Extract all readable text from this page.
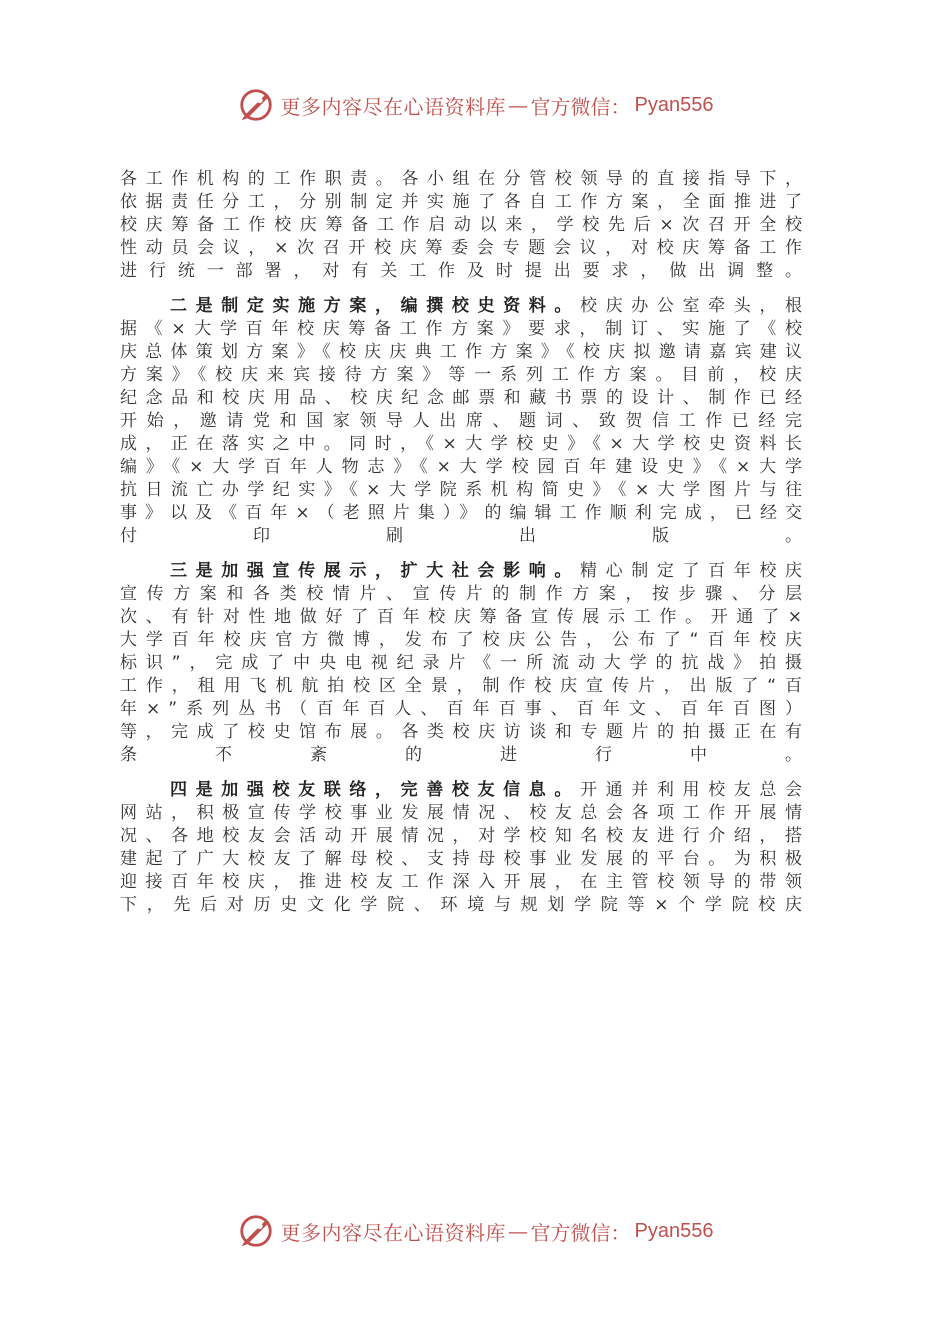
更多内容尽在心语资料库 — 官方微信： Pyan556

各工作机构的工作职责。各小组在分管校领导的直接指导下，依据责任分工，分别制定并实施了各自工作方案，全面推进了校庆筹备工作校庆筹备工作启动以来，学校先后×次召开全校性动员会议，×次召开校庆筹委会专题会议，对校庆筹备工作进行统一部署，对有关工作及时提出要求，做出调整。

二是制定实施方案，编撰校史资料。校庆办公室牵头，根据《×大学百年校庆筹备工作方案》要求，制订、实施了《校庆总体策划方案》《校庆庆典工作方案》《校庆拟邀请嘉宾建议方案》《校庆来宾接待方案》等一系列工作方案。目前，校庆纪念品和校庆用品、校庆纪念邮票和藏书票的设计、制作已经开始，邀请党和国家领导人出席、题词、致贺信工作已经完成，正在落实之中。同时，《×大学校史》《×大学校史资料长编》《×大学百年人物志》《×大学校园百年建设史》《×大学抗日流亡办学纪实》《×大学院系机构简史》《×大学图片与往事》以及《百年×（老照片集）》的编辑工作顺利完成，已经交付印刷出版。

三是加强宣传展示，扩大社会影响。精心制定了百年校庆宣传方案和各类校情片、宣传片的制作方案，按步骤、分层次、有针对性地做好了百年校庆筹备宣传展示工作。开通了×大学百年校庆官方微博，发布了校庆公告，公布了“百年校庆标识”，完成了中央电视纪录片《一所流动大学的抗战》拍摄工作，租用飞机航拍校区全景，制作校庆宣传片，出版了“百年×”系列丛书（百年百人、百年百事、百年文、百年百图）等，完成了校史馆布展。各类校庆访谈和专题片的拍摄正在有条不紊的进行中。

四是加强校友联络，完善校友信息。开通并利用校友总会网站，积极宣传学校事业发展情况、校友总会各项工作开展情况、各地校友会活动开展情况，对学校知名校友进行介绍，搭建起了广大校友了解母校、支持母校事业发展的平台。为积极迎接百年校庆，推进校友工作深入开展，在主管校领导的带领下，先后对历史文化学院、环境与规划学院等×个学院校庆

更多内容尽在心语资料库 — 官方微信： Pyan556
